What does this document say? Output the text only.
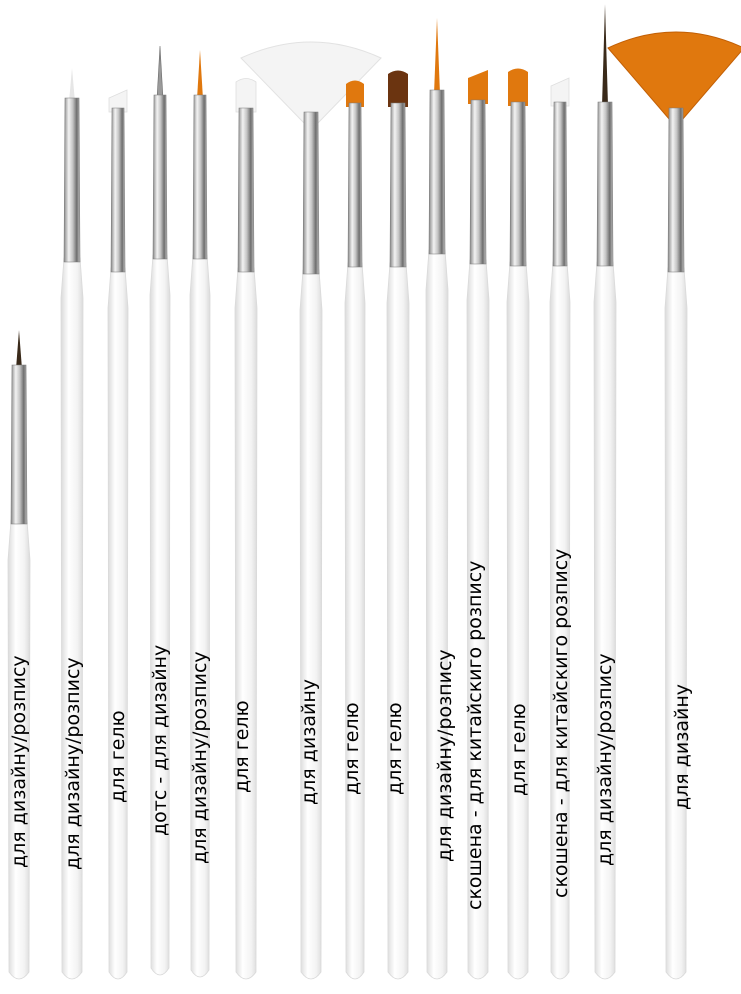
для дизайну/розпису для дизайну/розпису для гелю дотс - для дизайну для дизайну/розпису для гелю для дизайну для гелю для гелю для дизайну/розпису скошена - для китайскиго розпису для гелю скошена - для китайскиго розпису для дизайну/розпису	для дизайну
